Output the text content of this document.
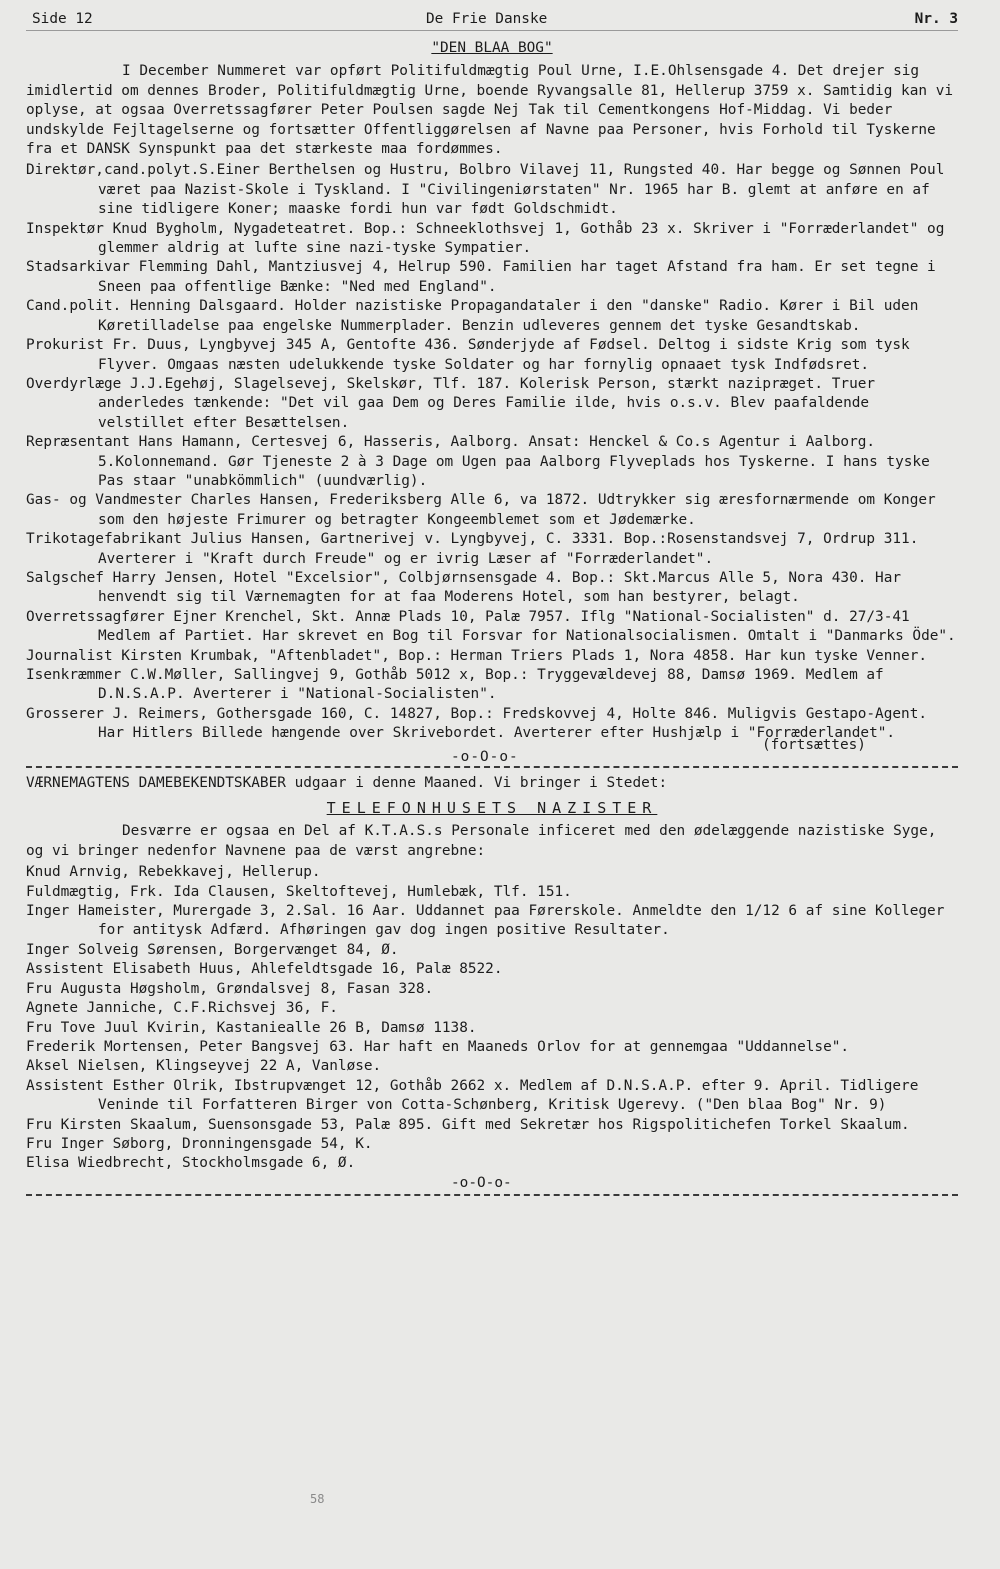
Side 12	De Frie Danske	Nr. 3
"DEN BLAA BOG"
I December Nummeret var opført Politifuldmægtig Poul Urne, I.E.Ohlsensgade 4. Det drejer sig imidlertid om dennes Broder, Politifuldmægtig Urne, boende Ryvangsalle 81, Hellerup 3759 x. Samtidig kan vi oplyse, at ogsaa Overretssagfører Peter Poulsen sagde Nej Tak til Cementkongens Hof-Middag. Vi beder undskylde Fejltagelserne og fortsætter Offentliggørelsen af Navne paa Personer, hvis Forhold til Tyskerne fra et DANSK Synspunkt paa det stærkeste maa fordømmes.
Direktør,cand.polyt.S.Einer Berthelsen og Hustru, Bolbro Vilavej 11, Rungsted 40. Har begge og Sønnen Poul været paa Nazist-Skole i Tyskland. I "Civilingeniørstaten" Nr. 1965 har B. glemt at anføre en af sine tidligere Koner; maaske fordi hun var født Goldschmidt.
Inspektør Knud Bygholm, Nygadeteatret. Bop.: Schneeklothsvej 1, Gothåb 23 x. Skriver i "Forræderlandet" og glemmer aldrig at lufte sine nazi-tyske Sympatier.
Stadsarkivar Flemming Dahl, Mantziusvej 4, Helrup 590. Familien har taget Afstand fra ham. Er set tegne i Sneen paa offentlige Bænke: "Ned med England".
Cand.polit. Henning Dalsgaard. Holder nazistiske Propagandataler i den "danske" Radio. Kører i Bil uden Køretilladelse paa engelske Nummerplader. Benzin udleveres gennem det tyske Gesandtskab.
Prokurist Fr. Duus, Lyngbyvej 345 A, Gentofte 436. Sønderjyde af Fødsel. Deltog i sidste Krig som tysk Flyver. Omgaas næsten udelukkende tyske Soldater og har fornylig opnaaet tysk Indfødsret.
Overdyrlæge J.J.Egehøj, Slagelsevej, Skelskør, Tlf. 187. Kolerisk Person, stærkt nazipræget. Truer anderledes tænkende: "Det vil gaa Dem og Deres Familie ilde, hvis o.s.v. Blev paafaldende velstillet efter Besættelsen.
Repræsentant Hans Hamann, Certesvej 6, Hasseris, Aalborg. Ansat: Henckel & Co.s Agentur i Aalborg. 5.Kolonnemand. Gør Tjeneste 2 à 3 Dage om Ugen paa Aalborg Flyveplads hos Tyskerne. I hans tyske Pas staar "unabkömmlich" (uundværlig).
Gas- og Vandmester Charles Hansen, Frederiksberg Alle 6, va 1872. Udtrykker sig æresfornærmende om Konger som den højeste Frimurer og betragter Kongeemblemet som et Jødemærke.
Trikotagefabrikant Julius Hansen, Gartnerivej v. Lyngbyvej, C. 3331. Bop.:Rosenstandsvej 7, Ordrup 311. Averterer i "Kraft durch Freude" og er ivrig Læser af "Forræderlandet".
Salgschef Harry Jensen, Hotel "Excelsior", Colbjørnsensgade 4. Bop.: Skt.Marcus Alle 5, Nora 430. Har henvendt sig til Værnemagten for at faa Moderens Hotel, som han bestyrer, belagt.
Overretssagfører Ejner Krenchel, Skt. Annæ Plads 10, Palæ 7957. Iflg "National-Socialisten" d. 27/3-41 Medlem af Partiet. Har skrevet en Bog til Forsvar for Nationalsocialismen. Omtalt i "Danmarks Öde".
Journalist Kirsten Krumbak, "Aftenbladet", Bop.: Herman Triers Plads 1, Nora 4858. Har kun tyske Venner.
Isenkræmmer C.W.Møller, Sallingvej 9, Gothåb 5012 x, Bop.: Tryggevældevej 88, Damsø 1969. Medlem af D.N.S.A.P. Averterer i "National-Socialisten".
Grosserer J. Reimers, Gothersgade 160, C. 14827, Bop.: Fredskovvej 4, Holte 846. Muligvis Gestapo-Agent. Har Hitlers Billede hængende over Skrivebordet. Averterer efter Hushjælp i "Forræderlandet".
-o-O-o-
(fortsættes)
VÆRNEMAGTENS DAMEBEKENDTSKABER udgaar i denne Maaned. Vi bringer i Stedet:
TELEFONHUSETS NAZISTER
Desværre er ogsaa en Del af K.T.A.S.s Personale inficeret med den ødelæggende nazistiske Syge, og vi bringer nedenfor Navnene paa de værst angrebne:
Knud Arnvig, Rebekkavej, Hellerup.
Fuldmægtig, Frk. Ida Clausen, Skeltoftevej, Humlebæk, Tlf. 151.
Inger Hameister, Murergade 3, 2.Sal. 16 Aar. Uddannet paa Førerskole. Anmeldte den 1/12 6 af sine Kolleger for antitysk Adfærd. Afhøringen gav dog ingen positive Resultater.
Inger Solveig Sørensen, Borgervænget 84, Ø.
Assistent Elisabeth Huus, Ahlefeldtsgade 16, Palæ 8522.
Fru Augusta Høgsholm, Grøndalsvej 8, Fasan 328.
Agnete Janniche, C.F.Richsvej 36, F.
Fru Tove Juul Kvirin, Kastaniealle 26 B, Damsø 1138.
Frederik Mortensen, Peter Bangsvej 63. Har haft en Maaneds Orlov for at gennemgaa "Uddannelse".
Aksel Nielsen, Klingseyvej 22 A, Vanløse.
Assistent Esther Olrik, Ibstrupvænget 12, Gothåb 2662 x. Medlem af D.N.S.A.P. efter 9. April. Tidligere Veninde til Forfatteren Birger von Cotta-Schønberg, Kritisk Ugerevy. ("Den blaa Bog" Nr. 9)
Fru Kirsten Skaalum, Suensonsgade 53, Palæ 895. Gift med Sekretær hos Rigspolitichefen Torkel Skaalum.
Fru Inger Søborg, Dronningensgade 54, K.
Elisa Wiedbrecht, Stockholmsgade 6, Ø.
-o-O-o-
58
